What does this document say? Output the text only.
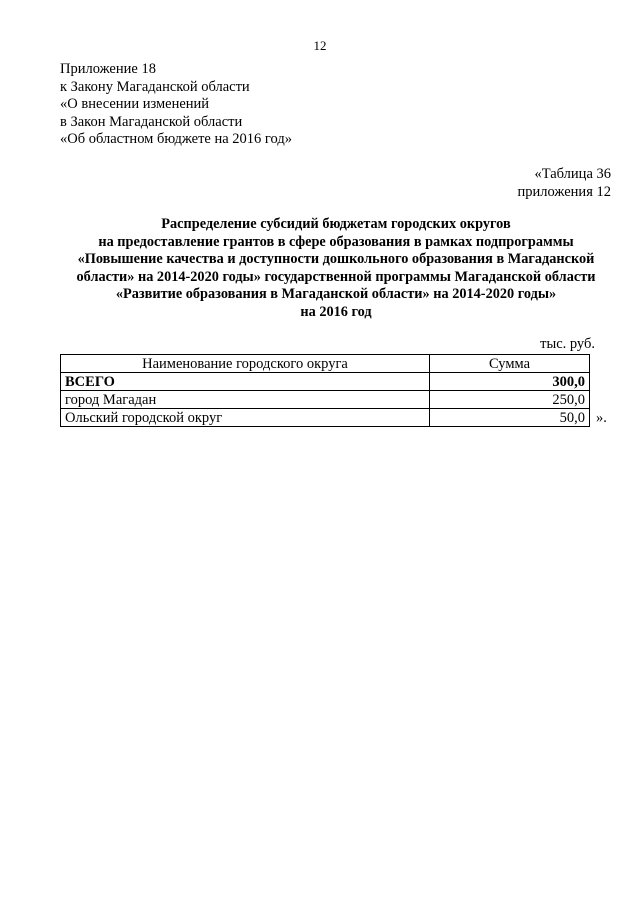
12
Приложение 18
к Закону Магаданской области
«О внесении изменений
в Закон Магаданской области
«Об областном бюджете на 2016 год»
«Таблица 36
приложения 12
Распределение субсидий бюджетам городских округов
на предоставление грантов в сфере образования в рамках подпрограммы
«Повышение качества и доступности дошкольного образования в Магаданской
области» на 2014-2020 годы» государственной программы Магаданской области
«Развитие образования в Магаданской области» на 2014-2020 годы»
на 2016 год
тыс. руб.
Наименование городского округа	Сумма
ВСЕГО	300,0
город Магадан	250,0
Ольский городской округ	50,0 ».
